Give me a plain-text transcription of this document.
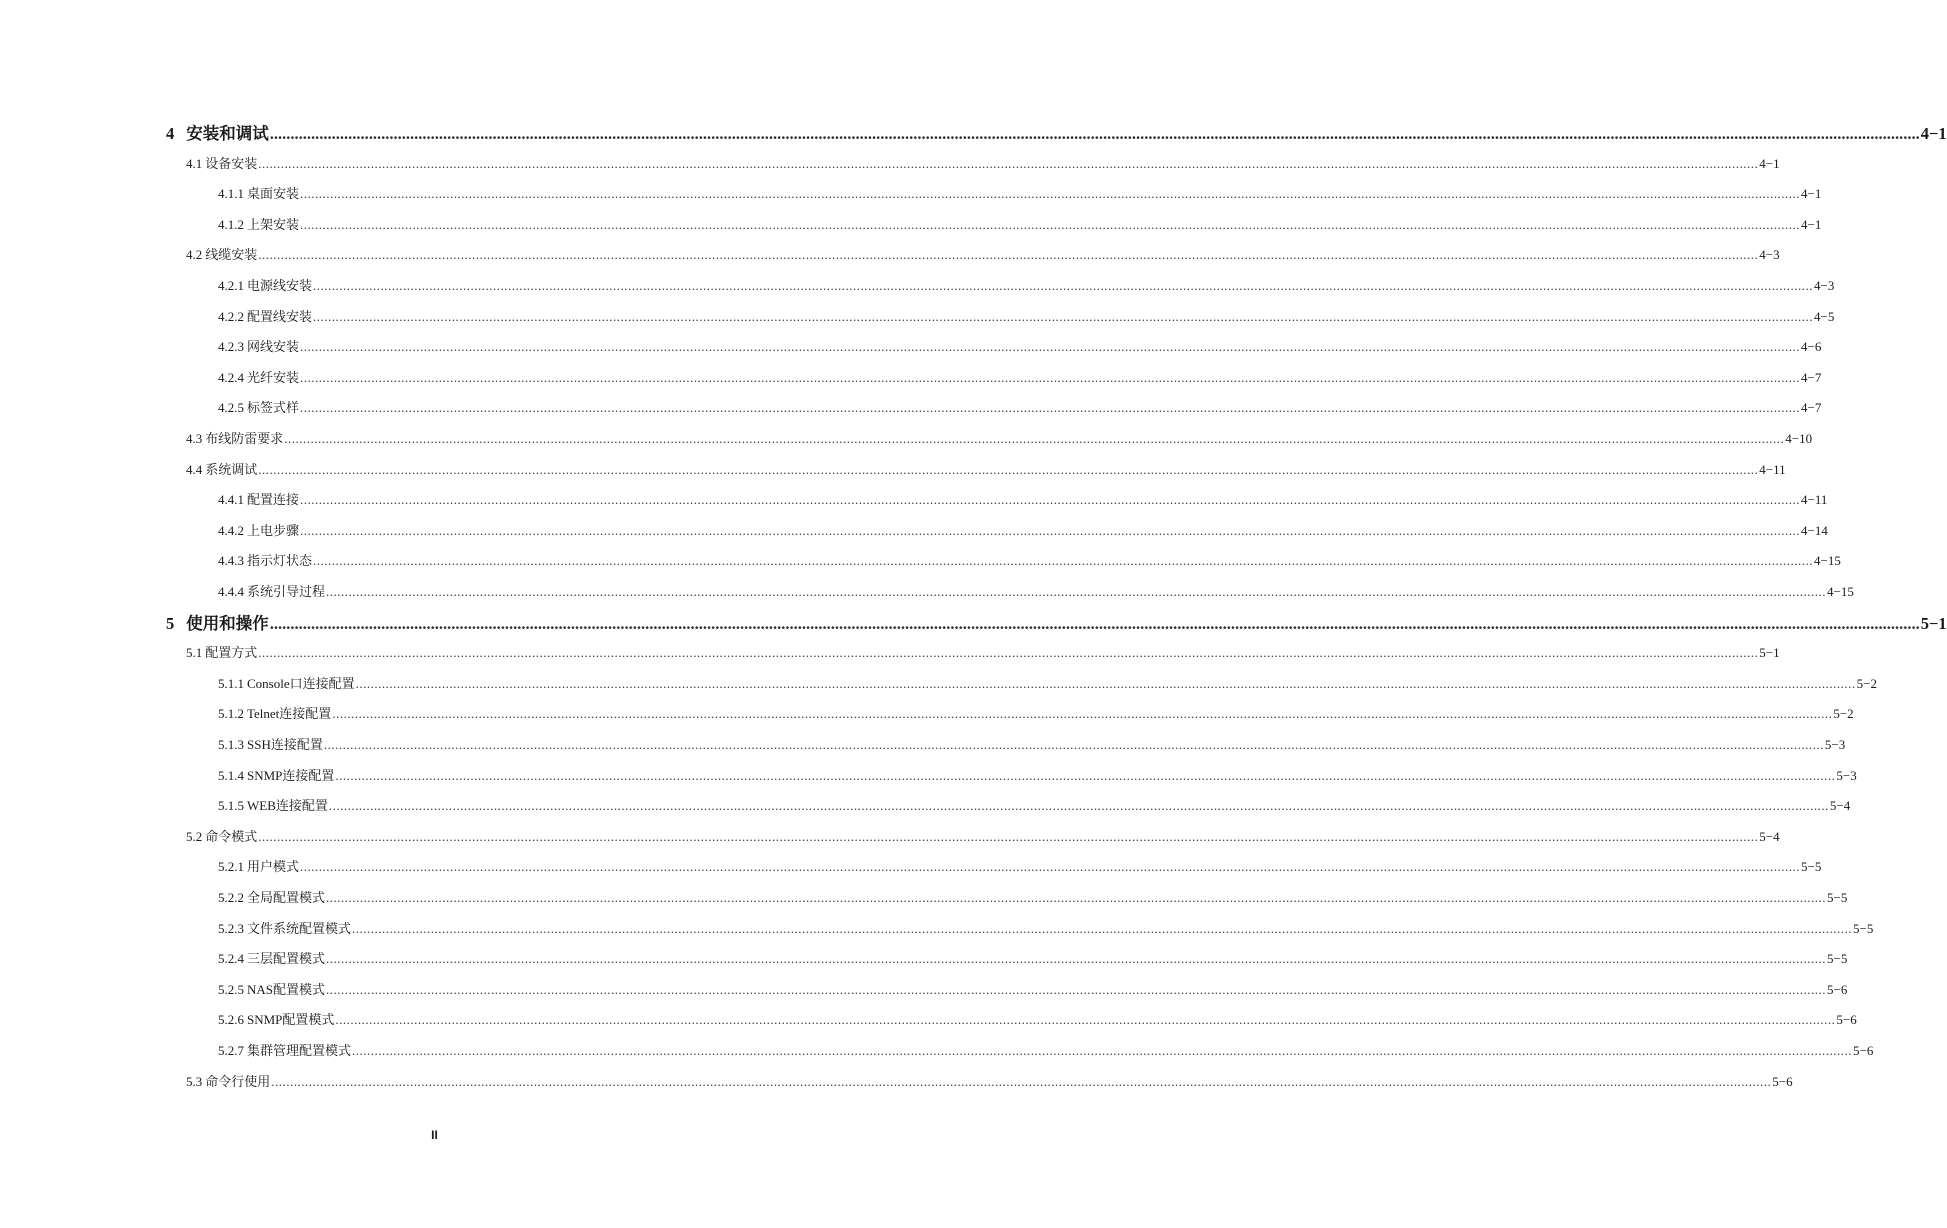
4 安装和调试 ................................................................................................................................................................................................................................................................................................................................................................................................................ 4−1
4.1 设备安装 ................................................................................................................................................................................................................................................................................................................................................................................................................ 4−1
4.1.1 桌面安装 ................................................................................................................................................................................................................................................................................................................................................................................................................ 4−1
4.1.2 上架安装 ................................................................................................................................................................................................................................................................................................................................................................................................................ 4−1
4.2 线缆安装 ................................................................................................................................................................................................................................................................................................................................................................................................................ 4−3
4.2.1 电源线安装 ................................................................................................................................................................................................................................................................................................................................................................................................................ 4−3
4.2.2 配置线安装 ................................................................................................................................................................................................................................................................................................................................................................................................................ 4−5
4.2.3 网线安装 ................................................................................................................................................................................................................................................................................................................................................................................................................ 4−6
4.2.4 光纤安装 ................................................................................................................................................................................................................................................................................................................................................................................................................ 4−7
4.2.5 标签式样 ................................................................................................................................................................................................................................................................................................................................................................................................................ 4−7
4.3 布线防雷要求 ................................................................................................................................................................................................................................................................................................................................................................................................................ 4−10
4.4 系统调试 ................................................................................................................................................................................................................................................................................................................................................................................................................ 4−11
4.4.1 配置连接 ................................................................................................................................................................................................................................................................................................................................................................................................................ 4−11
4.4.2 上电步骤 ................................................................................................................................................................................................................................................................................................................................................................................................................ 4−14
4.4.3 指示灯状态 ................................................................................................................................................................................................................................................................................................................................................................................................................ 4−15
4.4.4 系统引导过程 ................................................................................................................................................................................................................................................................................................................................................................................................................ 4−15
5 使用和操作 ................................................................................................................................................................................................................................................................................................................................................................................................................ 5−1
5.1 配置方式 ................................................................................................................................................................................................................................................................................................................................................................................................................ 5−1
5.1.1 Console口连接配置 ................................................................................................................................................................................................................................................................................................................................................................................................................ 5−2
5.1.2 Telnet连接配置 ................................................................................................................................................................................................................................................................................................................................................................................................................ 5−2
5.1.3 SSH连接配置 ................................................................................................................................................................................................................................................................................................................................................................................................................ 5−3
5.1.4 SNMP连接配置 ................................................................................................................................................................................................................................................................................................................................................................................................................ 5−3
5.1.5 WEB连接配置 ................................................................................................................................................................................................................................................................................................................................................................................................................ 5−4
5.2 命令模式 ................................................................................................................................................................................................................................................................................................................................................................................................................ 5−4
5.2.1 用户模式 ................................................................................................................................................................................................................................................................................................................................................................................................................ 5−5
5.2.2 全局配置模式 ................................................................................................................................................................................................................................................................................................................................................................................................................ 5−5
5.2.3 文件系统配置模式 ................................................................................................................................................................................................................................................................................................................................................................................................................ 5−5
5.2.4 三层配置模式 ................................................................................................................................................................................................................................................................................................................................................................................................................ 5−5
5.2.5 NAS配置模式 ................................................................................................................................................................................................................................................................................................................................................................................................................ 5−6
5.2.6 SNMP配置模式 ................................................................................................................................................................................................................................................................................................................................................................................................................ 5−6
5.2.7 集群管理配置模式 ................................................................................................................................................................................................................................................................................................................................................................................................................ 5−6
5.3 命令行使用 ................................................................................................................................................................................................................................................................................................................................................................................................................ 5−6
II
